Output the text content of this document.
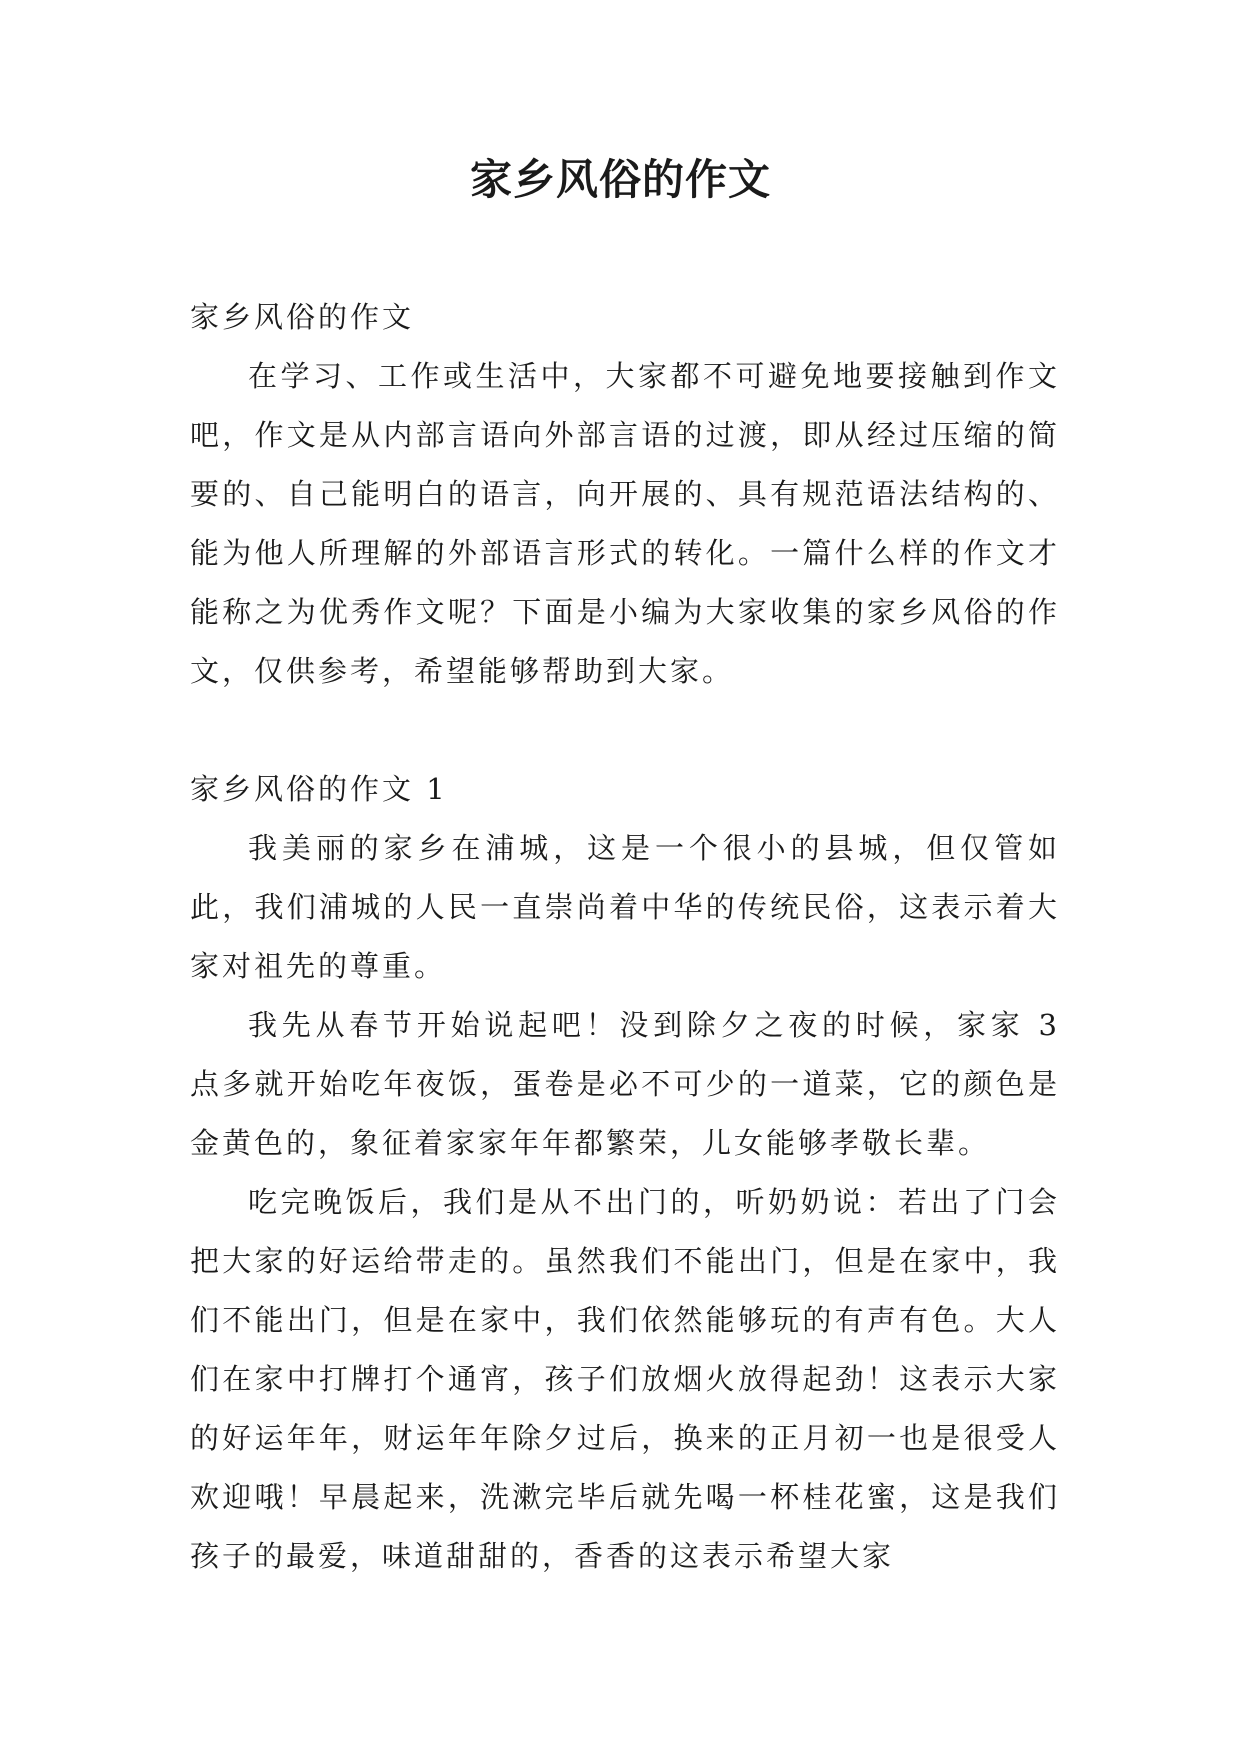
家乡风俗的作文

家乡风俗的作文

在学习、工作或生活中，大家都不可避免地要接触到作文吧，作文是从内部言语向外部言语的过渡，即从经过压缩的简要的、自己能明白的语言，向开展的、具有规范语法结构的、能为他人所理解的外部语言形式的转化。一篇什么样的作文才能称之为优秀作文呢？下面是小编为大家收集的家乡风俗的作文，仅供参考，希望能够帮助到大家。

家乡风俗的作文 1

我美丽的家乡在浦城，这是一个很小的县城，但仅管如此，我们浦城的人民一直崇尚着中华的传统民俗，这表示着大家对祖先的尊重。

我先从春节开始说起吧！没到除夕之夜的时候，家家 3 点多就开始吃年夜饭，蛋卷是必不可少的一道菜，它的颜色是金黄色的，象征着家家年年都繁荣，儿女能够孝敬长辈。

吃完晚饭后，我们是从不出门的，听奶奶说：若出了门会把大家的好运给带走的。虽然我们不能出门，但是在家中，我们不能出门，但是在家中，我们依然能够玩的有声有色。大人们在家中打牌打个通宵，孩子们放烟火放得起劲！这表示大家的好运年年，财运年年除夕过后，换来的正月初一也是很受人欢迎哦！早晨起来，洗漱完毕后就先喝一杯桂花蜜，这是我们孩子的最爱，味道甜甜的，香香的这表示希望大家
